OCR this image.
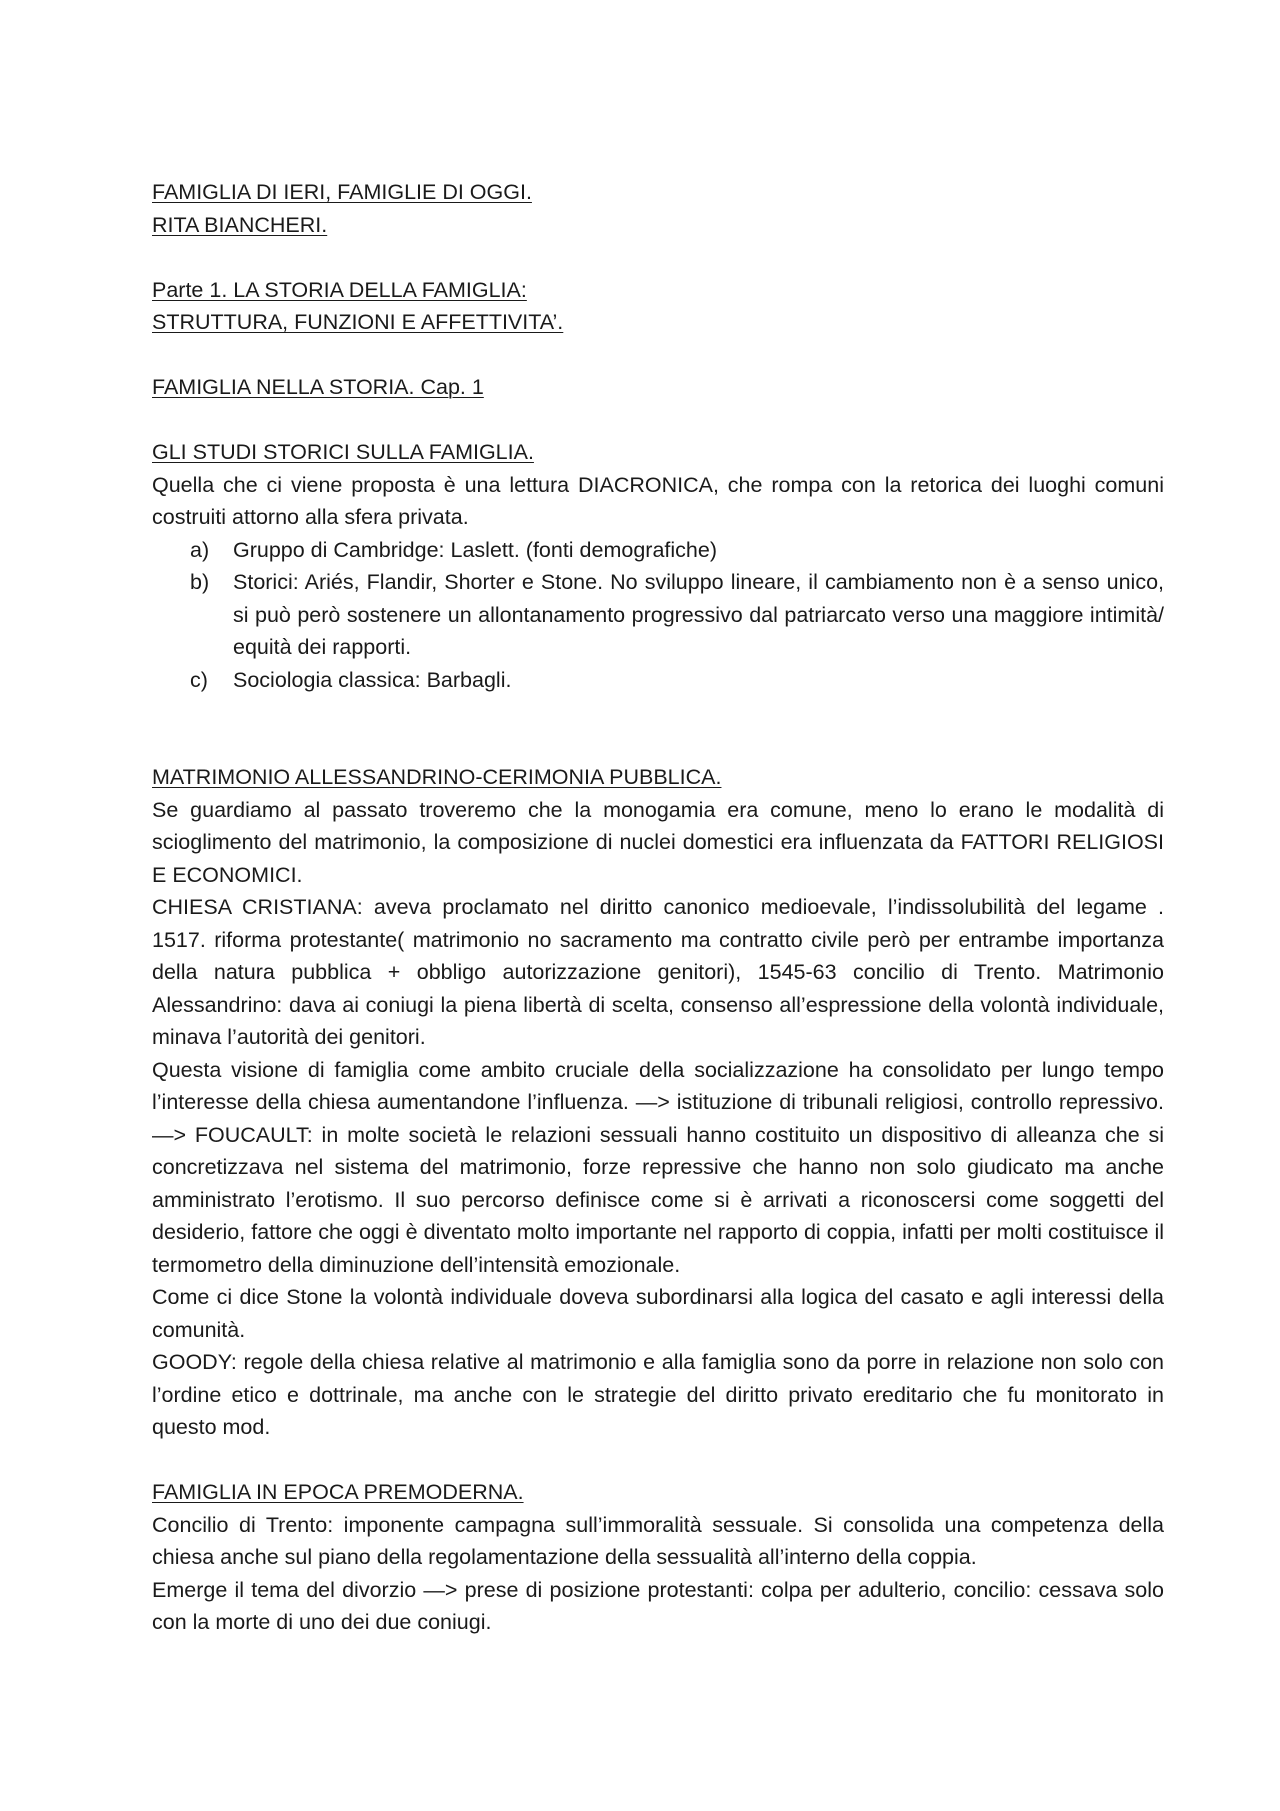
FAMIGLIA DI IERI, FAMIGLIE DI OGGI.

RITA BIANCHERI.

Parte 1. LA STORIA DELLA FAMIGLIA:

STRUTTURA, FUNZIONI E AFFETTIVITA’.

FAMIGLIA NELLA STORIA. Cap. 1

GLI STUDI STORICI SULLA FAMIGLIA.

Quella che ci viene proposta è una lettura DIACRONICA, che rompa con la retorica dei luoghi comuni costruiti attorno alla sfera privata.

a) Gruppo di Cambridge: Laslett. (fonti demografiche)
b) Storici: Ariés, Flandir, Shorter e Stone. No sviluppo lineare, il cambiamento non è a senso unico, si può però sostenere un allontanamento progressivo dal patriarcato verso una maggiore intimità/ equità dei rapporti.
c) Sociologia classica: Barbagli.

MATRIMONIO ALLESSANDRINO-CERIMONIA PUBBLICA.

Se guardiamo al passato troveremo che la monogamia era comune, meno lo erano le modalità di scioglimento del matrimonio, la composizione di nuclei domestici era influenzata da FATTORI RELIGIOSI E ECONOMICI.

CHIESA CRISTIANA: aveva proclamato nel diritto canonico medioevale, l’indissolubilità del legame . 1517. riforma protestante( matrimonio no sacramento ma contratto civile però per entrambe importanza della natura pubblica + obbligo autorizzazione genitori), 1545-63 concilio di Trento. Matrimonio Alessandrino: dava ai coniugi la piena libertà di scelta, consenso all’espressione della volontà individuale, minava l’autorità dei genitori.

Questa visione di famiglia come ambito cruciale della socializzazione ha consolidato per lungo tempo l’interesse della chiesa aumentandone l’influenza. —> istituzione di tribunali religiosi, controllo repressivo. —> FOUCAULT: in molte società le relazioni sessuali hanno costituito un dispositivo di alleanza che si concretizzava nel sistema del matrimonio, forze repressive che hanno non solo giudicato ma anche amministrato l’erotismo. Il suo percorso definisce come si è arrivati a riconoscersi come soggetti del desiderio, fattore che oggi è diventato molto importante nel rapporto di coppia, infatti per molti costituisce il termometro della diminuzione dell’intensità emozionale.

Come ci dice Stone la volontà individuale doveva subordinarsi alla logica del casato e agli interessi della comunità.

GOODY: regole della chiesa relative al matrimonio e alla famiglia sono da porre in relazione non solo con l’ordine etico e dottrinale, ma anche con le strategie del diritto privato ereditario che fu monitorato in questo mod.

FAMIGLIA IN EPOCA PREMODERNA.

Concilio di Trento: imponente campagna sull’immoralità sessuale. Si consolida una competenza della chiesa anche sul piano della regolamentazione della sessualità all’interno della coppia.

Emerge il tema del divorzio —> prese di posizione protestanti: colpa per adulterio, concilio: cessava solo con la morte di uno dei due coniugi.
